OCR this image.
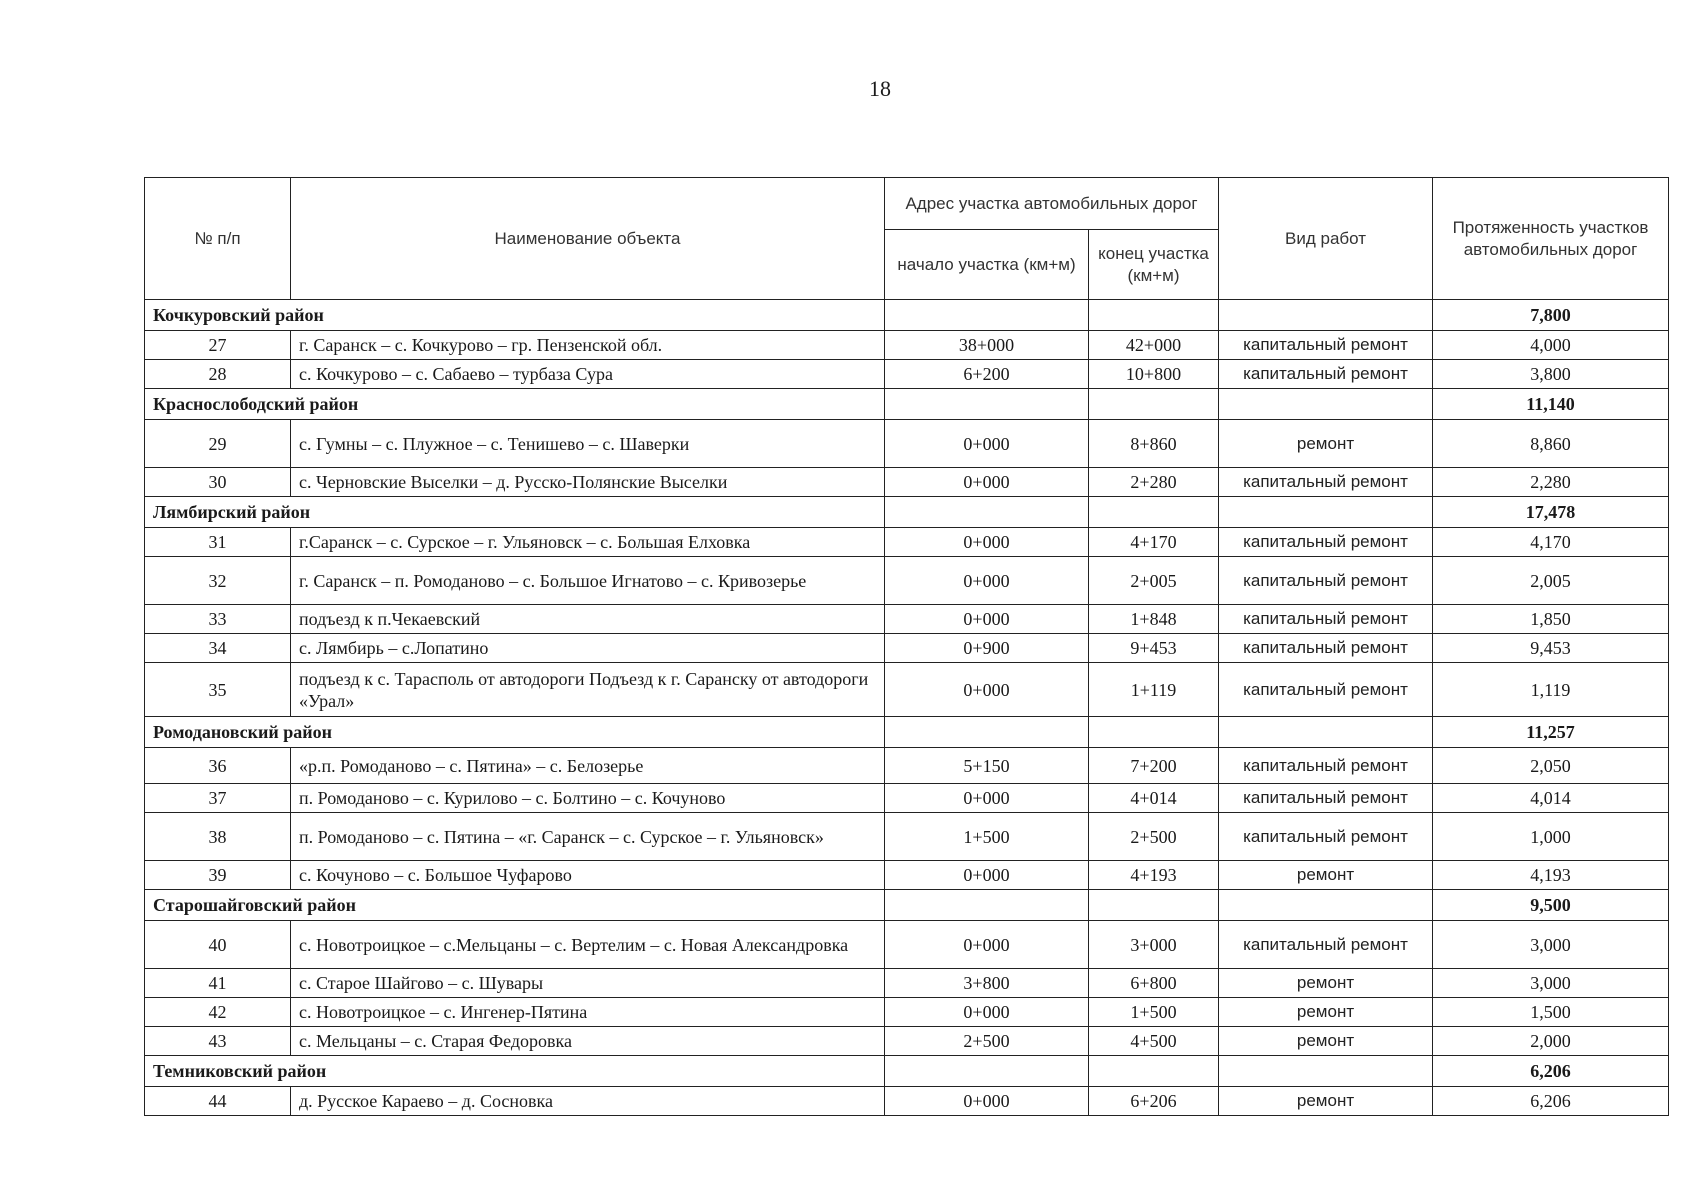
18
№ п/п	Наименование объекта	Адрес участка автомобильных дорог		Вид работ	Протяженность участков автомобильных дорог
		начало участка (км+м)	конец участка (км+м)		
Кочкуровский район					7,800
27	г. Саранск – с. Кочкурово – гр. Пензенской обл.	38+000	42+000	капитальный ремонт	4,000
28	с. Кочкурово – с. Сабаево – турбаза Сура	6+200	10+800	капитальный ремонт	3,800
Краснослободский район					11,140
29	с. Гумны – с. Плужное – с. Тенишево – с. Шаверки	0+000	8+860	ремонт	8,860
30	с. Черновские Выселки – д. Русско-Полянские Выселки	0+000	2+280	капитальный ремонт	2,280
Лямбирский район					17,478
31	г.Саранск – с. Сурское – г. Ульяновск – с. Большая Елховка	0+000	4+170	капитальный ремонт	4,170
32	г. Саранск – п. Ромоданово – с. Большое Игнатово – с. Кривозерье	0+000	2+005	капитальный ремонт	2,005
33	подъезд к п.Чекаевский	0+000	1+848	капитальный ремонт	1,850
34	с. Лямбирь – с.Лопатино	0+900	9+453	капитальный ремонт	9,453
35	подъезд к с. Тарасполь от автодороги Подъезд к г. Саранску от автодороги «Урал»	0+000	1+119	капитальный ремонт	1,119
Ромодановский район					11,257
36	«р.п. Ромоданово – с. Пятина» – с. Белозерье	5+150	7+200	капитальный ремонт	2,050
37	п. Ромоданово – с. Курилово – с. Болтино – с. Кочуново	0+000	4+014	капитальный ремонт	4,014
38	п. Ромоданово – с. Пятина – «г. Саранск – с. Сурское – г. Ульяновск»	1+500	2+500	капитальный ремонт	1,000
39	с. Кочуново – с. Большое Чуфарово	0+000	4+193	ремонт	4,193
Старошайговский район					9,500
40	с. Новотроицкое – с.Мельцаны – с. Вертелим – с. Новая Александровка	0+000	3+000	капитальный ремонт	3,000
41	с. Старое Шайгово – с. Шувары	3+800	6+800	ремонт	3,000
42	с. Новотроицкое – с. Ингенер-Пятина	0+000	1+500	ремонт	1,500
43	с. Мельцаны – с. Старая Федоровка	2+500	4+500	ремонт	2,000
Темниковский район					6,206
44	д. Русское Караево – д. Сосновка	0+000	6+206	ремонт	6,206
